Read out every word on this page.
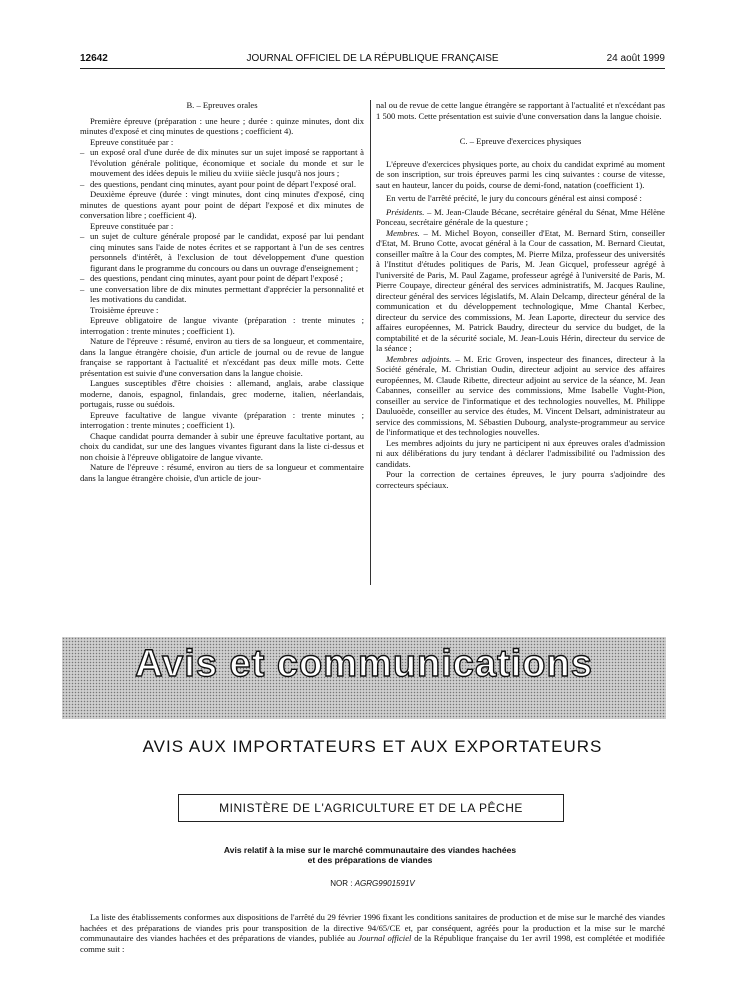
12642	JOURNAL OFFICIEL DE LA RÉPUBLIQUE FRANÇAISE	24 août 1999

B. – Epreuves orales

Première épreuve (préparation : une heure ; durée : quinze minutes, dont dix minutes d'exposé et cinq minutes de questions ; coefficient 4).

Epreuve constituée par :

– un exposé oral d'une durée de dix minutes sur un sujet imposé se rapportant à l'évolution générale politique, économique et sociale du monde et sur le mouvement des idées depuis le milieu du xviiie siècle jusqu'à nos jours ;
– des questions, pendant cinq minutes, ayant pour point de départ l'exposé oral.

Deuxième épreuve (durée : vingt minutes, dont cinq minutes d'exposé, cinq minutes de questions ayant pour point de départ l'exposé et dix minutes de conversation libre ; coefficient 4).

Epreuve constituée par :

– un sujet de culture générale proposé par le candidat, exposé par lui pendant cinq minutes sans l'aide de notes écrites et se rapportant à l'un de ses centres personnels d'intérêt, à l'exclusion de tout développement d'une question figurant dans le programme du concours ou dans un ouvrage d'enseignement ;
– des questions, pendant cinq minutes, ayant pour point de départ l'exposé ;
– une conversation libre de dix minutes permettant d'apprécier la personnalité et les motivations du candidat.

Troisième épreuve :

Epreuve obligatoire de langue vivante (préparation : trente minutes ; interrogation : trente minutes ; coefficient 1).

Nature de l'épreuve : résumé, environ au tiers de sa longueur, et commentaire, dans la langue étrangère choisie, d'un article de journal ou de revue de langue française se rapportant à l'actualité et n'excédant pas deux mille mots. Cette présentation est suivie d'une conversation dans la langue choisie.

Langues susceptibles d'être choisies : allemand, anglais, arabe classique moderne, danois, espagnol, finlandais, grec moderne, italien, néerlandais, portugais, russe ou suédois.

Epreuve facultative de langue vivante (préparation : trente minutes ; interrogation : trente minutes ; coefficient 1).

Chaque candidat pourra demander à subir une épreuve facultative portant, au choix du candidat, sur une des langues vivantes figurant dans la liste ci-dessus et non choisie à l'épreuve obligatoire de langue vivante.

Nature de l'épreuve : résumé, environ au tiers de sa longueur et commentaire dans la langue étrangère choisie, d'un article de jour-

nal ou de revue de cette langue étrangère se rapportant à l'actualité et n'excédant pas 1 500 mots. Cette présentation est suivie d'une conversation dans la langue choisie.

C. – Epreuve d'exercices physiques

L'épreuve d'exercices physiques porte, au choix du candidat exprimé au moment de son inscription, sur trois épreuves parmi les cinq suivantes : course de vitesse, saut en hauteur, lancer du poids, course de demi-fond, natation (coefficient 1).

En vertu de l'arrêté précité, le jury du concours général est ainsi composé :

Présidents. – M. Jean-Claude Bécane, secrétaire général du Sénat, Mme Hélène Ponceau, secrétaire générale de la questure ;

Membres. – M. Michel Boyon, conseiller d'Etat, M. Bernard Stirn, conseiller d'Etat, M. Bruno Cotte, avocat général à la Cour de cassation, M. Bernard Cieutat, conseiller maître à la Cour des comptes, M. Pierre Milza, professeur des universités à l'Institut d'études politiques de Paris, M. Jean Gicquel, professeur agrégé à l'université de Paris, M. Paul Zagame, professeur agrégé à l'université de Paris, M. Pierre Coupaye, directeur général des services administratifs, M. Jacques Rauline, directeur général des services législatifs, M. Alain Delcamp, directeur général de la communication et du développement technologique, Mme Chantal Kerbec, directeur du service des commissions, M. Jean Laporte, directeur du service des affaires européennes, M. Patrick Baudry, directeur du service du budget, de la comptabilité et de la sécurité sociale, M. Jean-Louis Hérin, directeur du service de la séance ;

Membres adjoints. – M. Eric Groven, inspecteur des finances, directeur à la Société générale, M. Christian Oudin, directeur adjoint au service des affaires européennes, M. Claude Ribette, directeur adjoint au service de la séance, M. Jean Cabannes, conseiller au service des commissions, Mme Isabelle Vught-Pion, conseiller au service de l'informatique et des technologies nouvelles, M. Philippe Dauluoède, conseiller au service des études, M. Vincent Delsart, administrateur au service des commissions, M. Sébastien Dubourg, analyste-programmeur au service de l'informatique et des technologies nouvelles.

Les membres adjoints du jury ne participent ni aux épreuves orales d'admission ni aux délibérations du jury tendant à déclarer l'admissibilité ou l'admission des candidats.

Pour la correction de certaines épreuves, le jury pourra s'adjoindre des correcteurs spéciaux.

Avis et communications
AVIS AUX IMPORTATEURS ET AUX EXPORTATEURS
MINISTÈRE DE L'AGRICULTURE ET DE LA PÊCHE
Avis relatif à la mise sur le marché communautaire des viandes hachées
et des préparations de viandes
NOR : AGRG9901591V

La liste des établissements conformes aux dispositions de l'arrêté du 29 février 1996 fixant les conditions sanitaires de production et de mise sur le marché des viandes hachées et des préparations de viandes pris pour transposition de la directive 94/65/CE et, par conséquent, agréés pour la production et la mise sur le marché communautaire des viandes hachées et des préparations de viandes, publiée au Journal officiel de la République française du 1er avril 1998, est complétée et modifiée comme suit :
